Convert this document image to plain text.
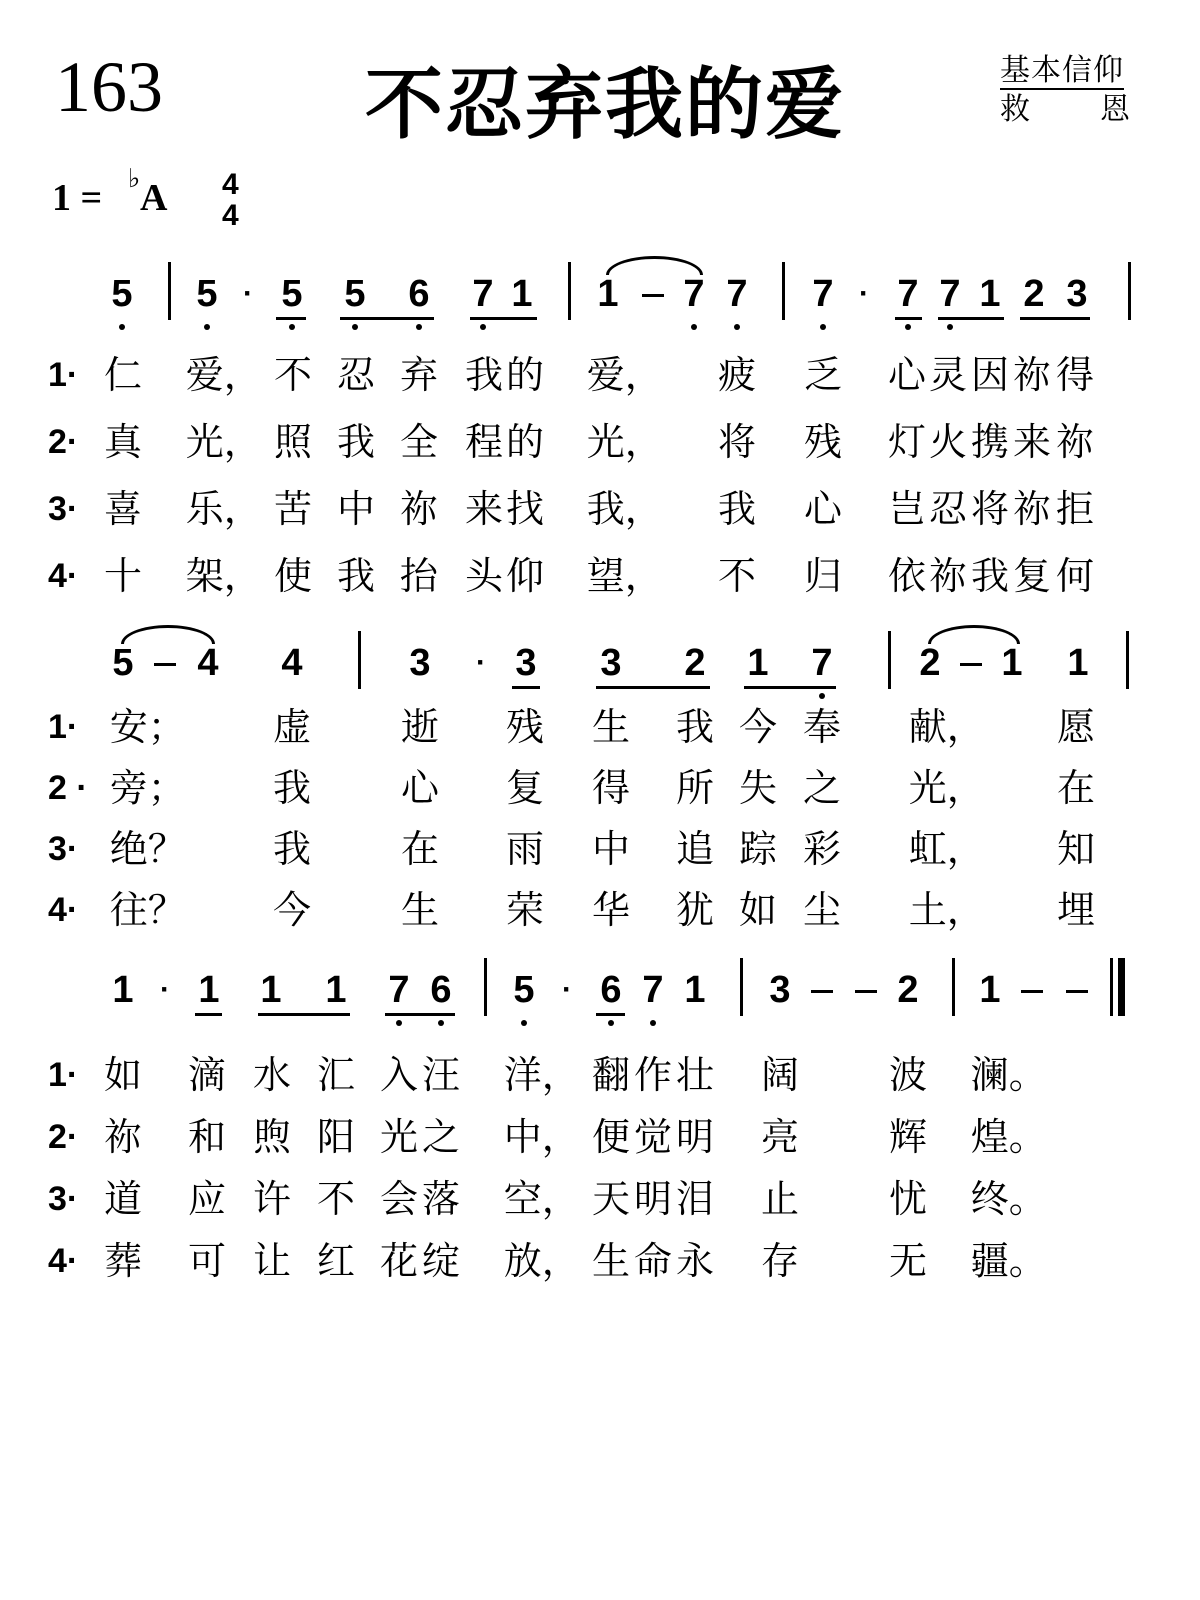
163	不忍弃我的爱	基本信仰
救 恩
1 = ♭ A 4
4
5 5 · 5 5 6 7 1 1 7 7 7 · 7 7 1 2 3
1· 仁 爱， 不 忍 弃 我 的 爱， 疲 乏 心 灵 因 祢 得
2· 真 光， 照 我 全 程 的 光， 将 残 灯 火 携 来 祢
3· 喜 乐， 苦 中 祢 来 找 我， 我 心 岂 忍 将 祢 拒
4· 十 架， 使 我 抬 头 仰 望， 不 归 依 祢 我 复 何
5 4 4	3 · 3 3 2 1 7 2 1 1
1· 安； 虚 逝 残 生 我 今 奉 献， 愿
2 · 旁； 我 心 复 得 所 失 之 光， 在
3· 绝？ 我 在 雨 中 追 踪 彩 虹， 知
4· 往？ 今 生 荣 华 犹 如 尘 土， 埋
1 · 1 1 1 7 6 5 · 6 7 1 3	2 1
1· 如 滴 水 汇 入 汪 洋， 翻 作 壮 阔 波 澜。
2· 祢 和 煦 阳 光 之 中， 便 觉 明 亮 辉 煌。
3· 道 应 许 不 会 落 空， 天 明 泪 止 忧 终。
4· 葬 可 让 红 花 绽 放， 生 命 永 存 无 疆。
